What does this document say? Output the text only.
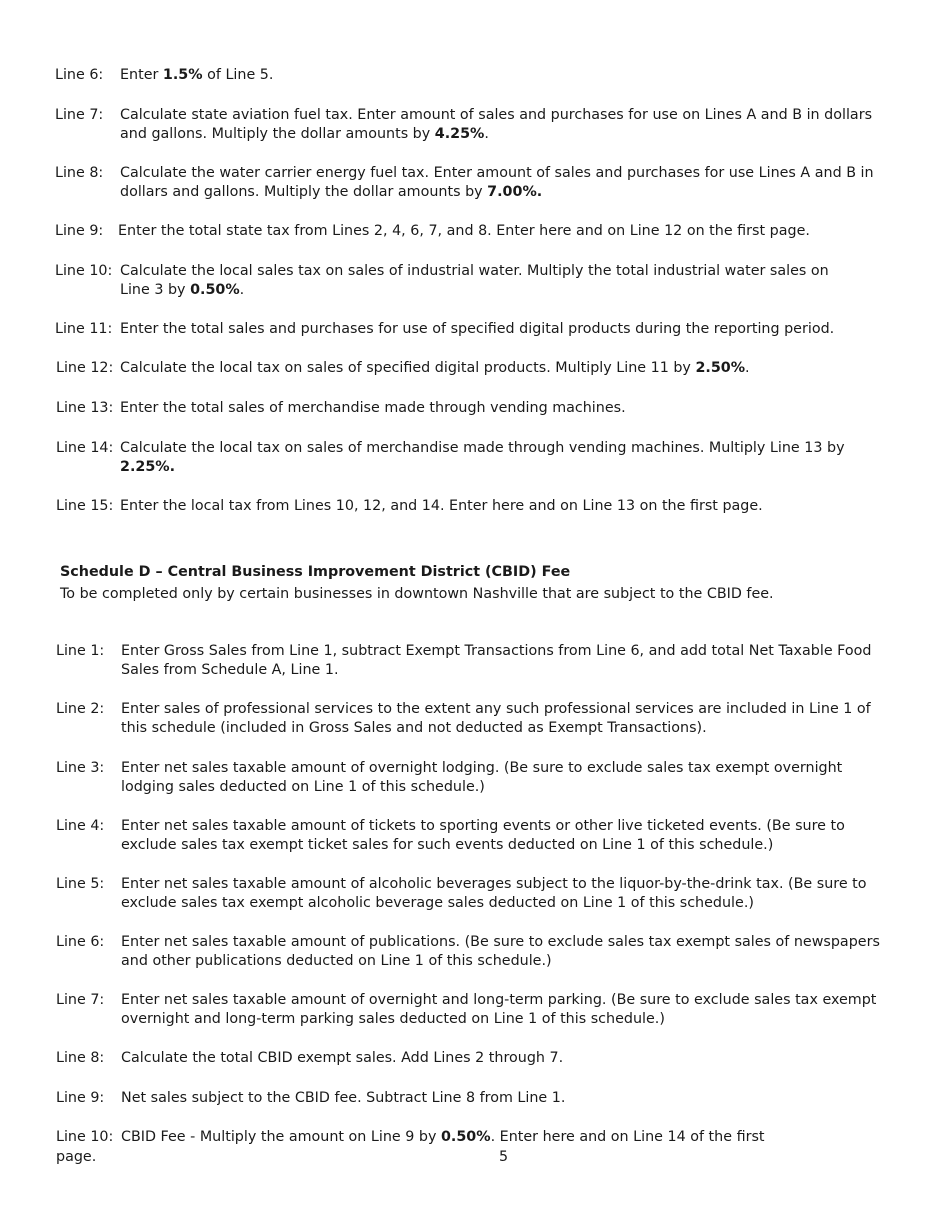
Line 6: Enter 1.5% of Line 5.
Line 7: Calculate state aviation fuel tax. Enter amount of sales and purchases for use on Lines A and B in dollars and gallons. Multiply the dollar amounts by 4.25%.
Line 8: Calculate the water carrier energy fuel tax. Enter amount of sales and purchases for use Lines A and B in dollars and gallons. Multiply the dollar amounts by 7.00%.
Line 9: Enter the total state tax from Lines 2, 4, 6, 7, and 8. Enter here and on Line 12 on the first page.
Line 10: Calculate the local sales tax on sales of industrial water. Multiply the total industrial water sales on Line 3 by 0.50%.
Line 11: Enter the total sales and purchases for use of specified digital products during the reporting period.
Line 12: Calculate the local tax on sales of specified digital products. Multiply Line 11 by 2.50%.
Line 13: Enter the total sales of merchandise made through vending machines.
Line 14: Calculate the local tax on sales of merchandise made through vending machines. Multiply Line 13 by 2.25%.
Line 15: Enter the local tax from Lines 10, 12, and 14. Enter here and on Line 13 on the first page.
Schedule D – Central Business Improvement District (CBID) Fee
To be completed only by certain businesses in downtown Nashville that are subject to the CBID fee.
Line 1: Enter Gross Sales from Line 1, subtract Exempt Transactions from Line 6, and add total Net Taxable Food Sales from Schedule A, Line 1.
Line 2: Enter sales of professional services to the extent any such professional services are included in Line 1 of this schedule (included in Gross Sales and not deducted as Exempt Transactions).
Line 3: Enter net sales taxable amount of overnight lodging. (Be sure to exclude sales tax exempt overnight lodging sales deducted on Line 1 of this schedule.)
Line 4: Enter net sales taxable amount of tickets to sporting events or other live ticketed events. (Be sure to exclude sales tax exempt ticket sales for such events deducted on Line 1 of this schedule.)
Line 5: Enter net sales taxable amount of alcoholic beverages subject to the liquor-by-the-drink tax. (Be sure to exclude sales tax exempt alcoholic beverage sales deducted on Line 1 of this schedule.)
Line 6: Enter net sales taxable amount of publications. (Be sure to exclude sales tax exempt sales of newspapers and other publications deducted on Line 1 of this schedule.)
Line 7: Enter net sales taxable amount of overnight and long-term parking. (Be sure to exclude sales tax exempt overnight and long-term parking sales deducted on Line 1 of this schedule.)
Line 8: Calculate the total CBID exempt sales. Add Lines 2 through 7.
Line 9: Net sales subject to the CBID fee. Subtract Line 8 from Line 1.
Line 10: CBID Fee - Multiply the amount on Line 9 by 0.50%. Enter here and on Line 14 of the first
page.	5
